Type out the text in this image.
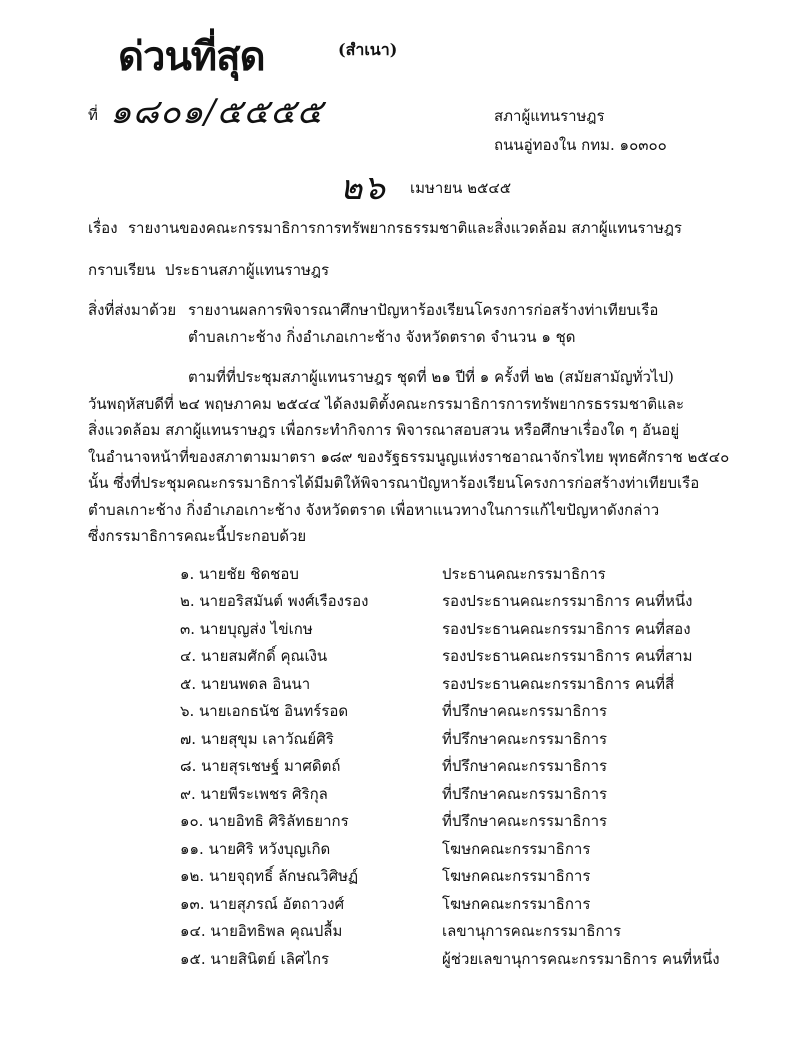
ด่วนที่สุด	(สำเนา)
ที่ ๑๘๐๑/๕๕๕๕	สภาผู้แทนราษฎร
ถนนอู่ทองใน กทม. ๑๐๓๐๐
๒๖ เมษายน ๒๕๔๕
เรื่อง รายงานของคณะกรรมาธิการการทรัพยากรธรรมชาติและสิ่งแวดล้อม สภาผู้แทนราษฎร
กราบเรียน ประธานสภาผู้แทนราษฎร
สิ่งที่ส่งมาด้วย รายงานผลการพิจารณาศึกษาปัญหาร้องเรียนโครงการก่อสร้างท่าเทียบเรือ
ตำบลเกาะช้าง กิ่งอำเภอเกาะช้าง จังหวัดตราด จำนวน ๑ ชุด

ตามที่ที่ประชุมสภาผู้แทนราษฎร ชุดที่ ๒๑ ปีที่ ๑ ครั้งที่ ๒๒ (สมัยสามัญทั่วไป)

วันพฤหัสบดีที่ ๒๔ พฤษภาคม ๒๕๔๔ ได้ลงมติตั้งคณะกรรมาธิการการทรัพยากรธรรมชาติและ

สิ่งแวดล้อม สภาผู้แทนราษฎร เพื่อกระทำกิจการ พิจารณาสอบสวน หรือศึกษาเรื่องใด ๆ อันอยู่

ในอำนาจหน้าที่ของสภาตามมาตรา ๑๘๙ ของรัฐธรรมนูญแห่งราชอาณาจักรไทย พุทธศักราช ๒๕๔๐

นั้น ซึ่งที่ประชุมคณะกรรมาธิการได้มีมติให้พิจารณาปัญหาร้องเรียนโครงการก่อสร้างท่าเทียบเรือ

ตำบลเกาะช้าง กิ่งอำเภอเกาะช้าง จังหวัดตราด เพื่อหาแนวทางในการแก้ไขปัญหาดังกล่าว

ซึ่งกรรมาธิการคณะนี้ประกอบด้วย

๑. นายชัย ชิดชอบ	ประธานคณะกรรมาธิการ
๒. นายอริสมันต์ พงศ์เรืองรอง	รองประธานคณะกรรมาธิการ คนที่หนึ่ง
๓. นายบุญส่ง ไข่เกษ	รองประธานคณะกรรมาธิการ คนที่สอง
๔. นายสมศักดิ์ คุณเงิน	รองประธานคณะกรรมาธิการ คนที่สาม
๕. นายนพดล อินนา	รองประธานคณะกรรมาธิการ คนที่สี่
๖. นายเอกธนัช อินทร์รอด	ที่ปรึกษาคณะกรรมาธิการ
๗. นายสุขุม เลาวัณย์ศิริ	ที่ปรึกษาคณะกรรมาธิการ
๘. นายสุรเชษฐ์ มาศดิตถ์	ที่ปรึกษาคณะกรรมาธิการ
๙. นายพีระเพชร ศิริกุล	ที่ปรึกษาคณะกรรมาธิการ
๑๐. นายอิทธิ ศิริลัทธยากร	ที่ปรึกษาคณะกรรมาธิการ
๑๑. นายศิริ หวังบุญเกิด	โฆษกคณะกรรมาธิการ
๑๒. นายจุฤทธิ์ ลักษณวิศิษฏ์	โฆษกคณะกรรมาธิการ
๑๓. นายสุภรณ์ อัตถาวงศ์	โฆษกคณะกรรมาธิการ
๑๔. นายอิทธิพล คุณปลื้ม	เลขานุการคณะกรรมาธิการ
๑๕. นายสินิตย์ เลิศไกร	ผู้ช่วยเลขานุการคณะกรรมาธิการ คนที่หนึ่ง
